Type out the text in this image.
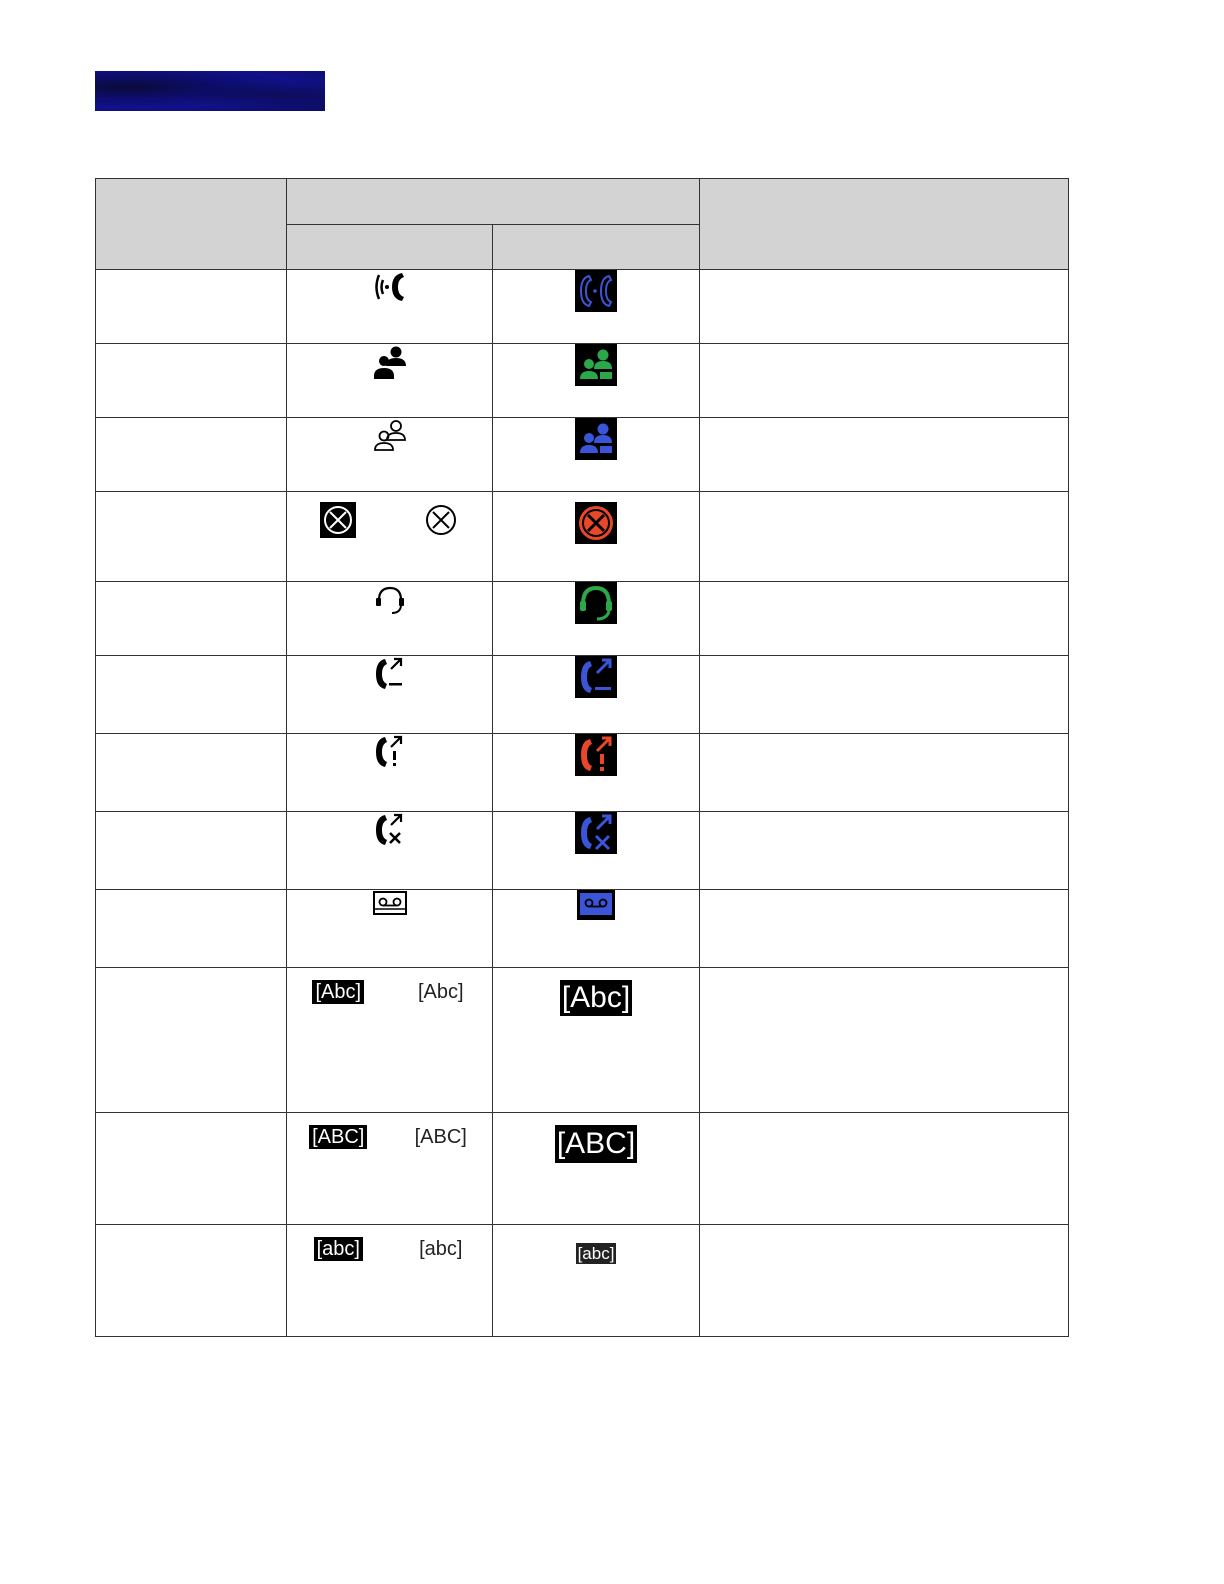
	[Abc] [Abc]	[Abc]	

	[ABC] [ABC]	[ABC]	

	[abc] [abc]	[abc]	
